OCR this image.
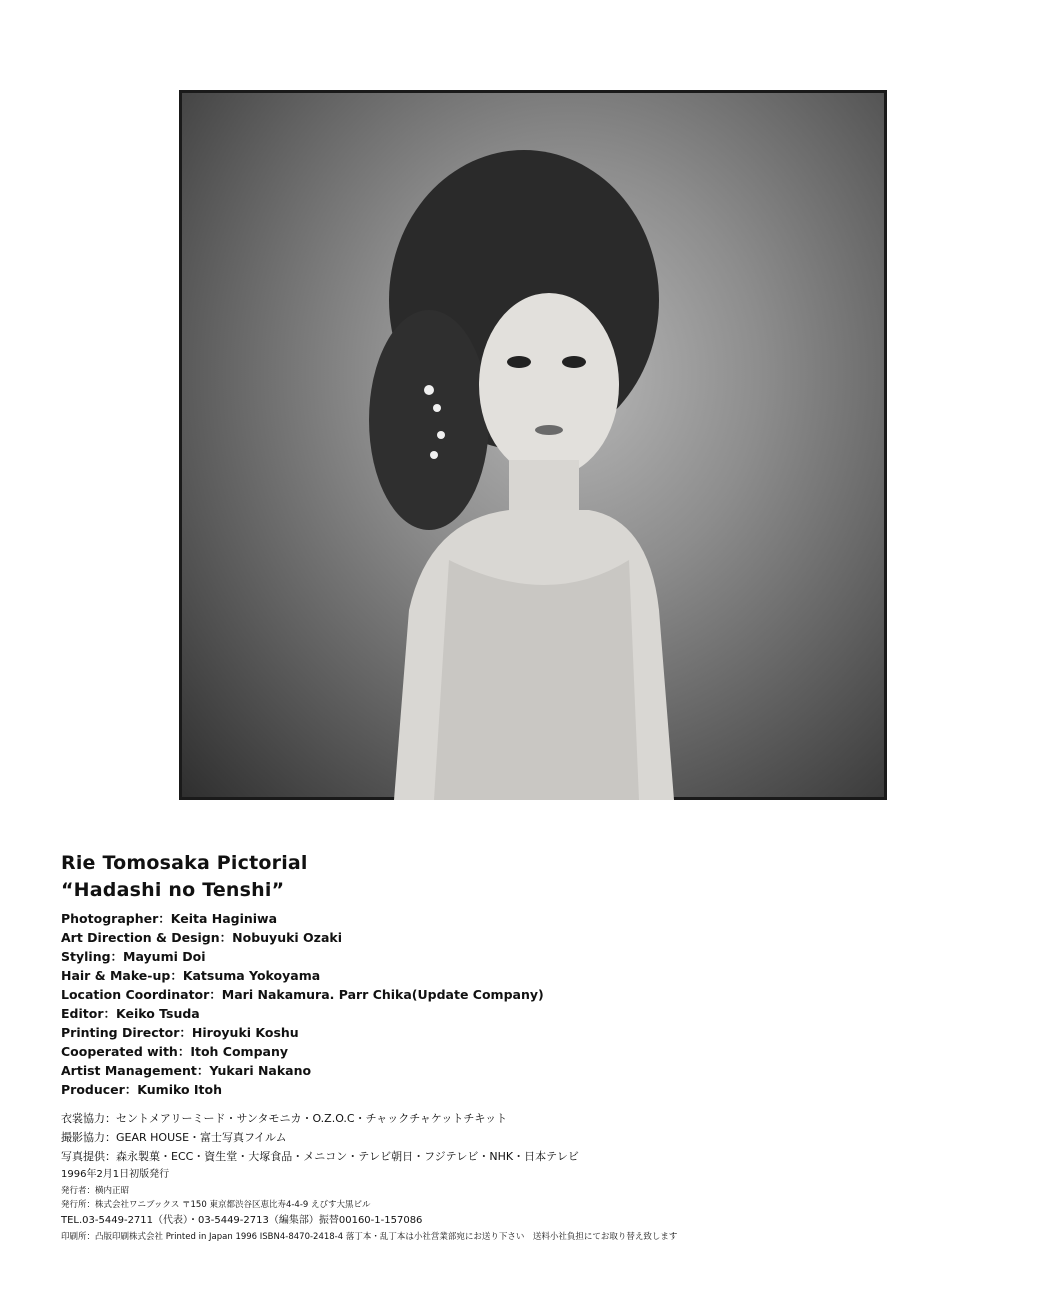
Rie Tomosaka Pictorial
“Hadashi no Tenshi”
Photographer：Keita Haginiwa
Art Direction & Design：Nobuyuki Ozaki
Styling：Mayumi Doi
Hair & Make-up：Katsuma Yokoyama
Location Coordinator：Mari Nakamura. Parr Chika(Update Company)
Editor：Keiko Tsuda
Printing Director：Hiroyuki Koshu
Cooperated with：Itoh Company
Artist Management：Yukari Nakano
Producer：Kumiko Itoh
衣裳協力：セントメアリーミード・サンタモニカ・O.Z.O.C・チャックチャケットチキット
撮影協力：GEAR HOUSE・富士写真フイルム
写真提供：森永製菓・ECC・資生堂・大塚食品・メニコン・テレビ朝日・フジテレビ・NHK・日本テレビ
1996年2月1日初版発行
発行者：横内正昭
発行所：株式会社ワニブックス 〒150 東京都渋谷区恵比寿4-4-9 えびす大黒ビル
TEL.03-5449-2711（代表）・03-5449-2713（編集部）振替00160-1-157086
印刷所：凸版印刷株式会社 Printed in Japan 1996 ISBN4-8470-2418-4 落丁本・乱丁本は小社営業部宛にお送り下さい　送料小社負担にてお取り替え致します
